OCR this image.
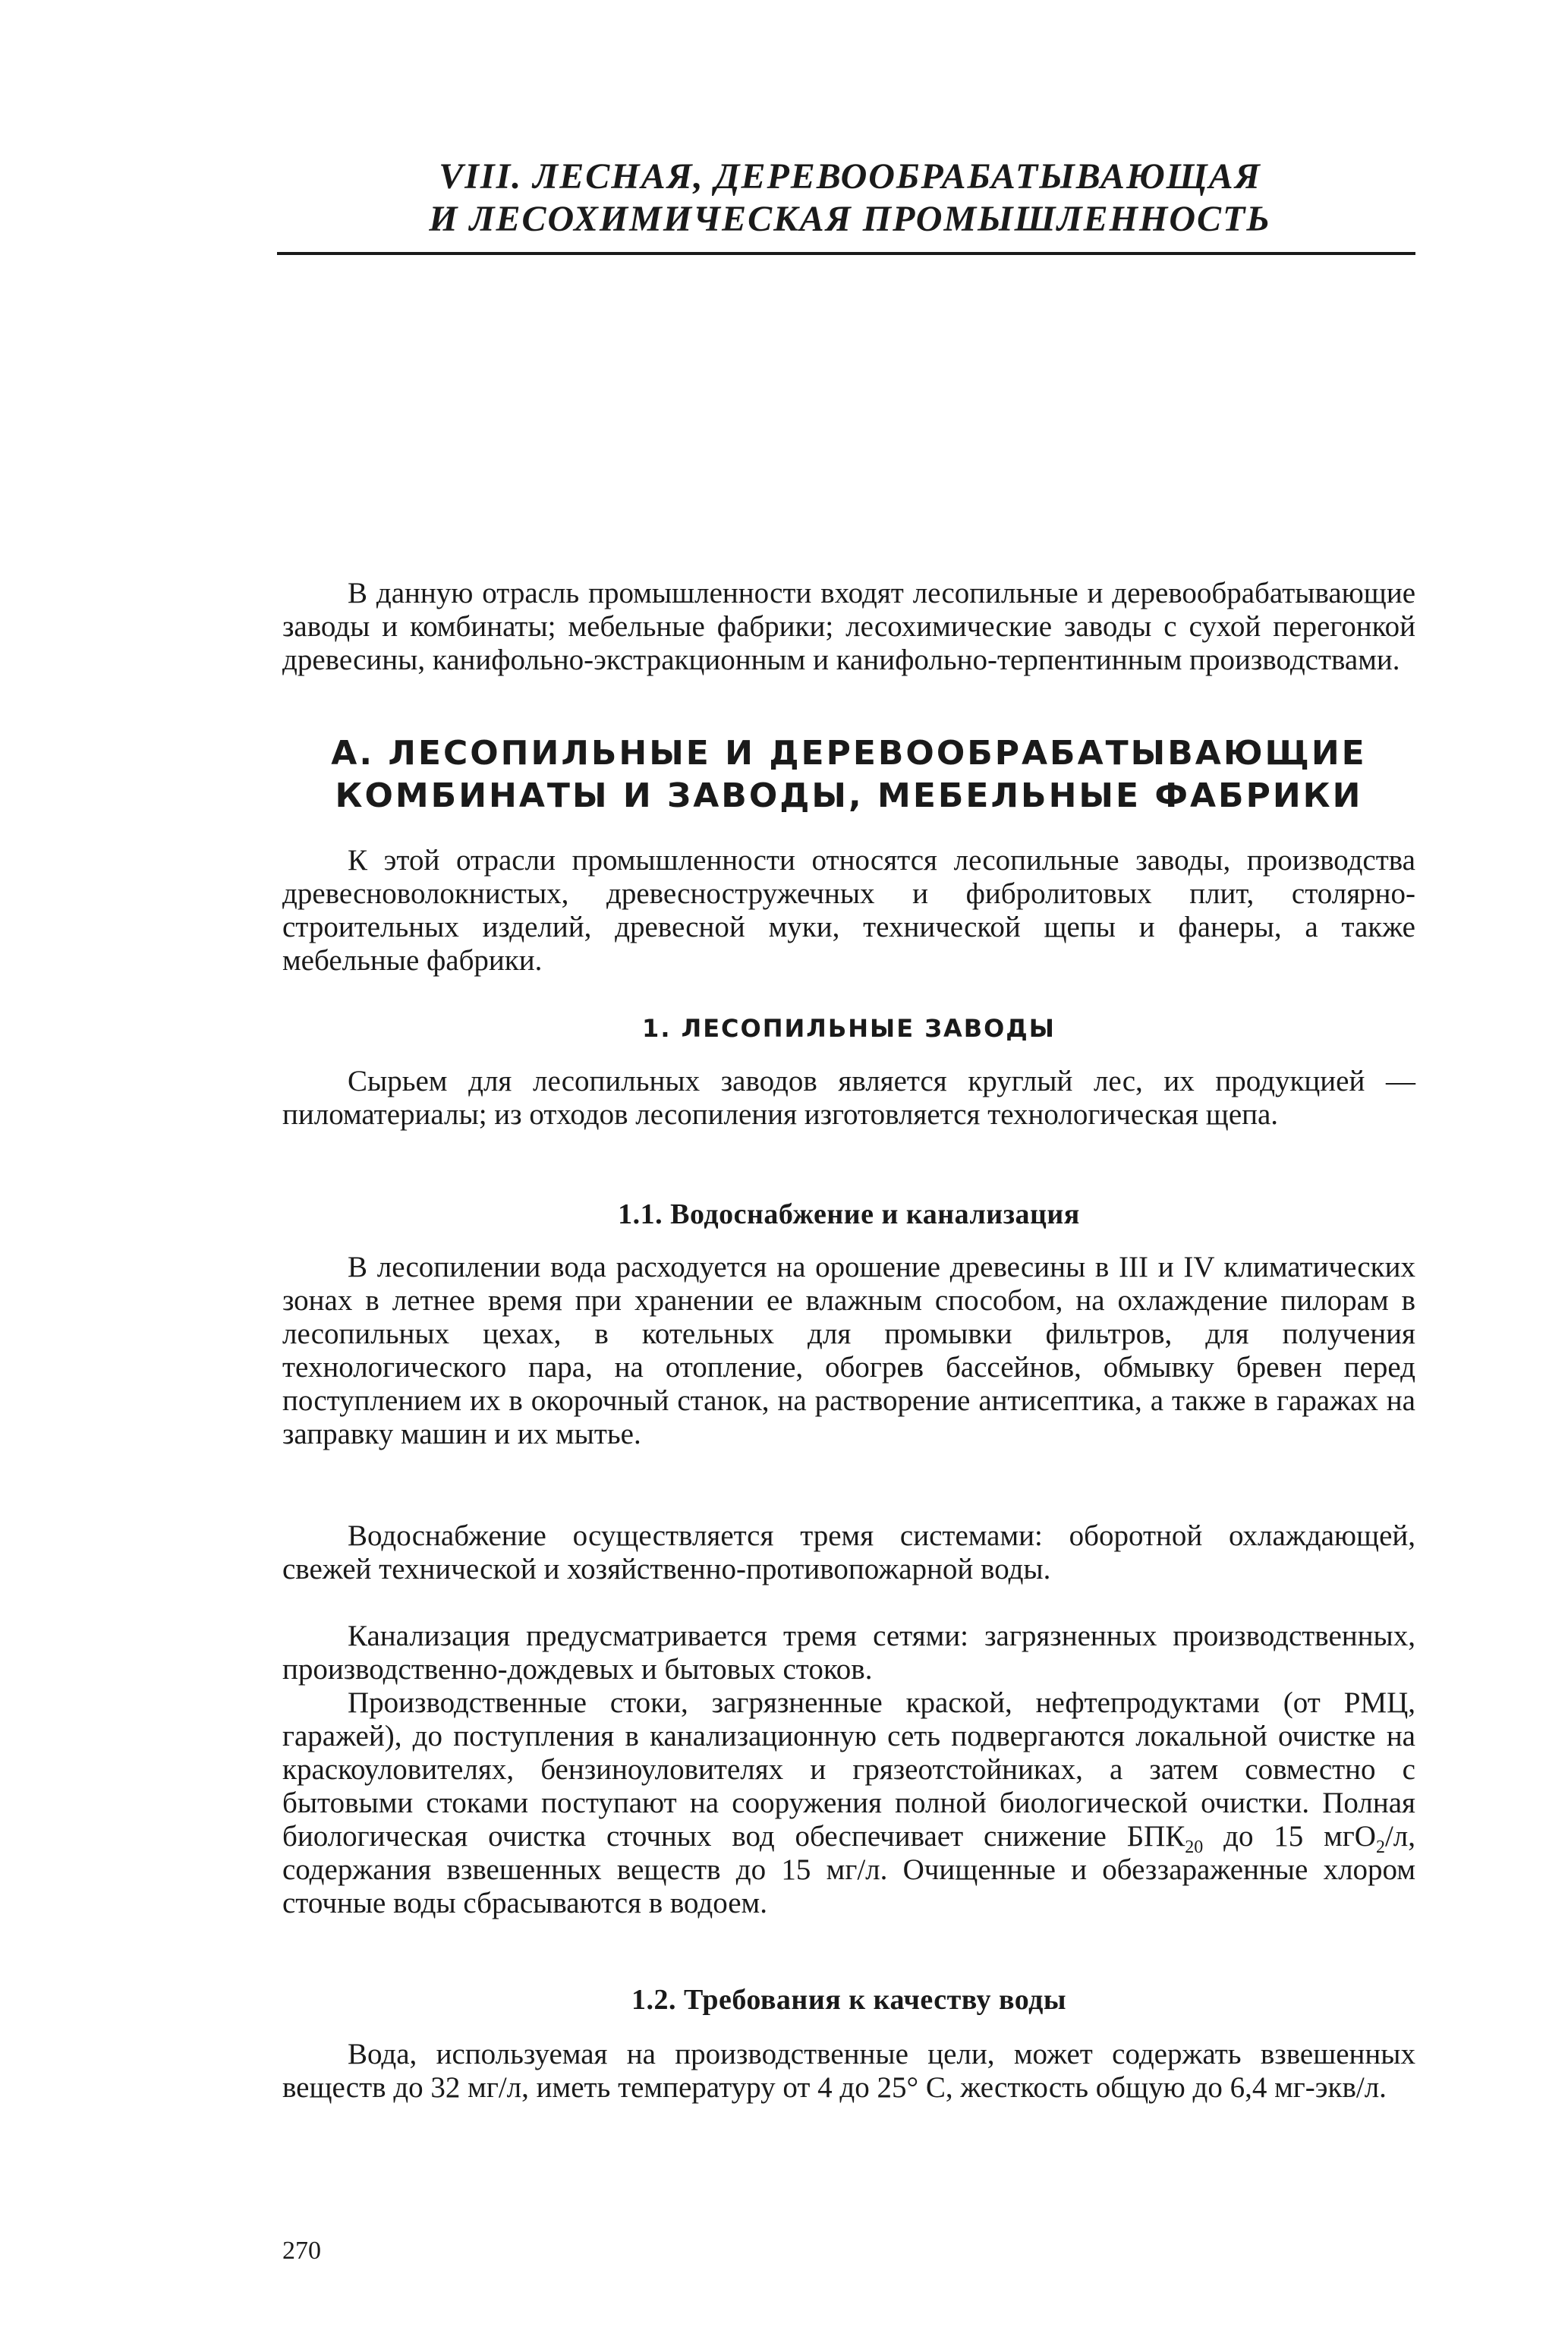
VIII. ЛЕСНАЯ, ДЕРЕВООБРАБАТЫВАЮЩАЯ
И ЛЕСОХИМИЧЕСКАЯ ПРОМЫШЛЕННОСТЬ

В данную отрасль промышленности входят лесопильные и деревообрабатывающие заводы и комбинаты; мебельные фабрики; лесохимические заводы с сухой перегонкой древесины, канифольно-экстракционным и канифольно-терпентинным производствами.

А. ЛЕСОПИЛЬНЫЕ И ДЕРЕВООБРАБАТЫВАЮЩИЕ
КОМБИНАТЫ И ЗАВОДЫ, МЕБЕЛЬНЫЕ ФАБРИКИ

К этой отрасли промышленности относятся лесопильные заводы, производства древесноволокнистых, древесностружечных и фибролитовых плит, столярно-строительных изделий, древесной муки, технической щепы и фанеры, а также мебельные фабрики.

1. ЛЕСОПИЛЬНЫЕ ЗАВОДЫ

Сырьем для лесопильных заводов является круглый лес, их продукцией — пиломатериалы; из отходов лесопиления изготовляется технологическая щепа.

1.1. Водоснабжение и канализация

В лесопилении вода расходуется на орошение древесины в III и IV климатических зонах в летнее время при хранении ее влажным способом, на охлаждение пилорам в лесопильных цехах, в котельных для промывки фильтров, для получения технологического пара, на отопление, обогрев бассейнов, обмывку бревен перед поступлением их в окорочный станок, на растворение антисептика, а также в гаражах на заправку машин и их мытье.

Водоснабжение осуществляется тремя системами: оборотной охлаждающей, свежей технической и хозяйственно-противопожарной воды.

Канализация предусматривается тремя сетями: загрязненных производственных, производственно-дождевых и бытовых стоков.

Производственные стоки, загрязненные краской, нефтепродуктами (от РМЦ, гаражей), до поступления в канализационную сеть подвергаются локальной очистке на краскоуловителях, бензиноуловителях и грязеотстойниках, а затем совместно с бытовыми стоками поступают на сооружения полной биологической очистки. Полная биологическая очистка сточных вод обеспечивает снижение $БПК_{20}$ до 15 мгО$_2$/л, содержания взвешенных веществ до 15 мг/л. Очищенные и обеззараженные хлором сточные воды сбрасываются в водоем.

1.2. Требования к качеству воды

Вода, используемая на производственные цели, может содержать взвешенных веществ до 32 мг/л, иметь температуру от 4 до 25° С, жесткость общую до 6,4 мг-экв/л.

270
